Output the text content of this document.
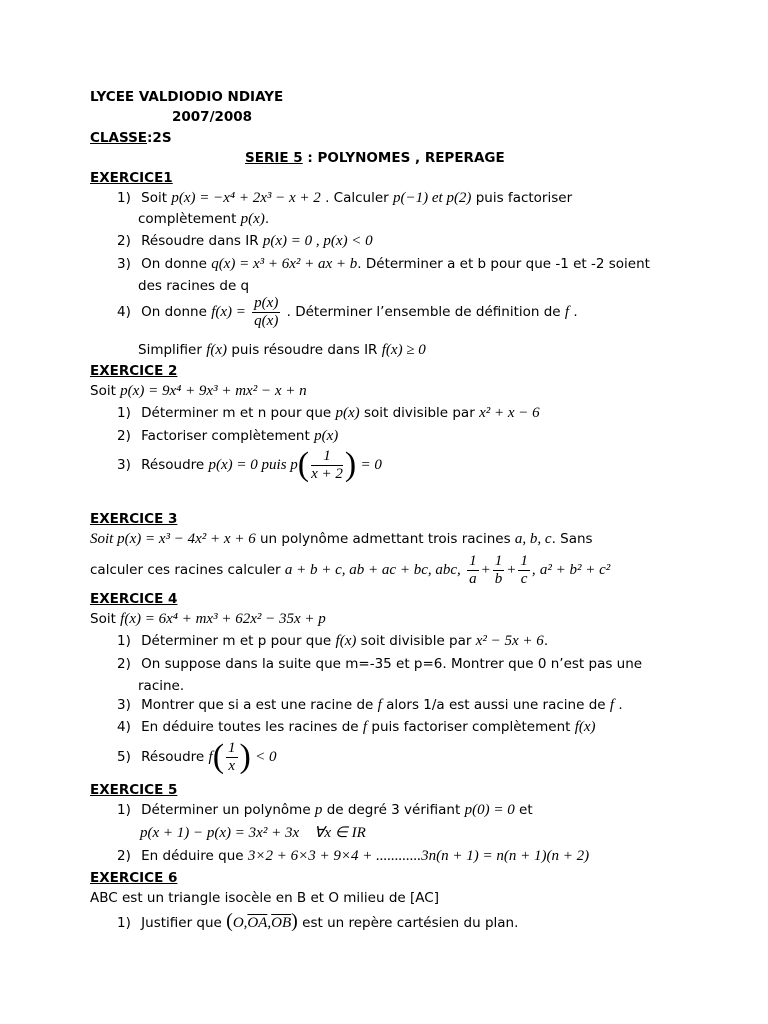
LYCEE VALDIODIO NDIAYE
2007/2008
CLASSE:2S
SERIE 5 : POLYNOMES , REPERAGE
EXERCICE1
1) Soit p(x) = −x⁴ + 2x³ − x + 2 . Calculer p(−1) et p(2) puis factoriser
complètement p(x).
2) Résoudre dans IR p(x) = 0 , p(x) < 0
3) On donne q(x) = x³ + 6x² + ax + b. Déterminer a et b pour que -1 et -2 soient
des racines de q
4) On donne $f(x) = \frac{p(x)}{q(x)}$ . Déterminer l’ensemble de définition de f .
Simplifier f(x) puis résoudre dans IR f(x) ≥ 0
EXERCICE 2
Soit p(x) = 9x⁴ + 9x³ + mx² − x + n
1) Déterminer m et n pour que p(x) soit divisible par x² + x − 6
2) Factoriser complètement p(x)
3) Résoudre p(x) = 0 puis $p( \frac{1}{x + 2}$ ) = 0
EXERCICE 3
Soit p(x) = x³ − 4x² + x + 6 un polynôme admettant trois racines a, b, c. Sans
calculer ces racines calculer a + b + c, ab + ac + bc, abc, $\frac{1}{a} + \frac{1}{b} + \frac{1}{c}$ , a² + b² + c²
EXERCICE 4
Soit f(x) = 6x⁴ + mx³ + 62x² − 35x + p
1) Déterminer m et p pour que f(x) soit divisible par x² − 5x + 6.
2) On suppose dans la suite que m=-35 et p=6. Montrer que 0 n’est pas une
racine.
3) Montrer que si a est une racine de f alors 1/a est aussi une racine de f .
4) En déduire toutes les racines de f puis factoriser complètement f(x)
5) Résoudre $f( \frac{1}{x}$ ) < 0
EXERCICE 5
1) Déterminer un polynôme p de degré 3 vérifiant p(0) = 0 et
p(x + 1) − p(x) = 3x² + 3x    ∀x ∈ IR
2) En déduire que 3×2 + 6×3 + 9×4 + ............3n(n + 1) = n(n + 1)(n + 2)
EXERCICE 6
ABC est un triangle isocèle en B et O milieu de [AC]
1) Justifier que $(O,\overline{OA},\overline{OB})$ est un repère cartésien du plan.
